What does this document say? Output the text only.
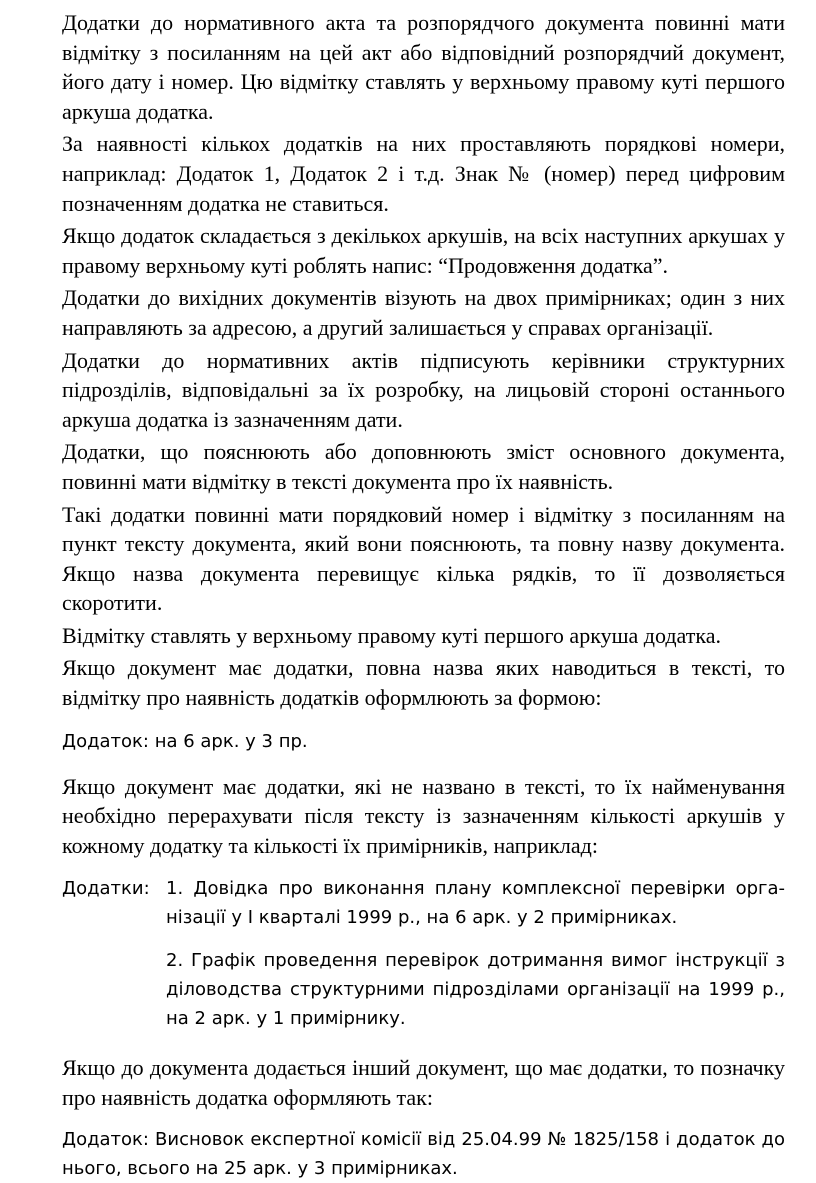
Додатки до нормативного акта та розпорядчого документа повинні мати відмітку з посиланням на цей акт або відповідний розпорядчий документ, його дату і номер. Цю відмітку ставлять у верхньому правому куті першого аркуша додатка.

За наявності кількох додатків на них проставляють порядкові номери, наприклад: Додаток 1, Додаток 2 і т.д. Знак № (номер) перед цифровим позначенням додатка не ставиться.

Якщо додаток складається з декількох аркушів, на всіх наступних аркушах у правому верхньому куті роблять напис: “Продовження додатка”.

Додатки до вихідних документів візують на двох примірниках; один з них направляють за адресою, а другий залишається у справах організації.

Додатки до нормативних актів підписують керівники структурних підрозділів, відповідальні за їх розробку, на лицьовій стороні останнього аркуша додатка із зазначенням дати.

Додатки, що пояснюють або доповнюють зміст основного документа, повинні мати відмітку в тексті документа про їх наявність.

Такі додатки повинні мати порядковий номер і відмітку з посиланням на пункт тексту документа, який вони пояснюють, та повну назву документа. Якщо назва документа перевищує кілька рядків, то її дозволяється скоротити.

Відмітку ставлять у верхньому правому куті першого аркуша додатка.

Якщо документ має додатки, повна назва яких наводиться в тексті, то відмітку про наявність додатків оформлюють за формою:

Додаток: на 6 арк. у 3 пр.

Якщо документ має додатки, які не названо в тексті, то їх найменування необхідно перерахувати після тексту із зазначенням кількості аркушів у кожному додатку та кількості їх примірників, наприклад:

Додатки: 1. Довідка про виконання плану комплексної перевірки організації у І кварталі 1999 р., на 6 арк. у 2 примірниках.
2. Графік проведення перевірок дотримання вимог інструкції з діловодства структурними підрозділами організації на 1999 р., на 2 арк. у 1 примірнику.

Якщо до документа додається інший документ, що має додатки, то позначку про наявність додатка оформляють так:

Додаток: Висновок експертної комісії від 25.04.99 № 1825/158 і додаток до нього, всього на 25 арк. у 3 примірниках.
